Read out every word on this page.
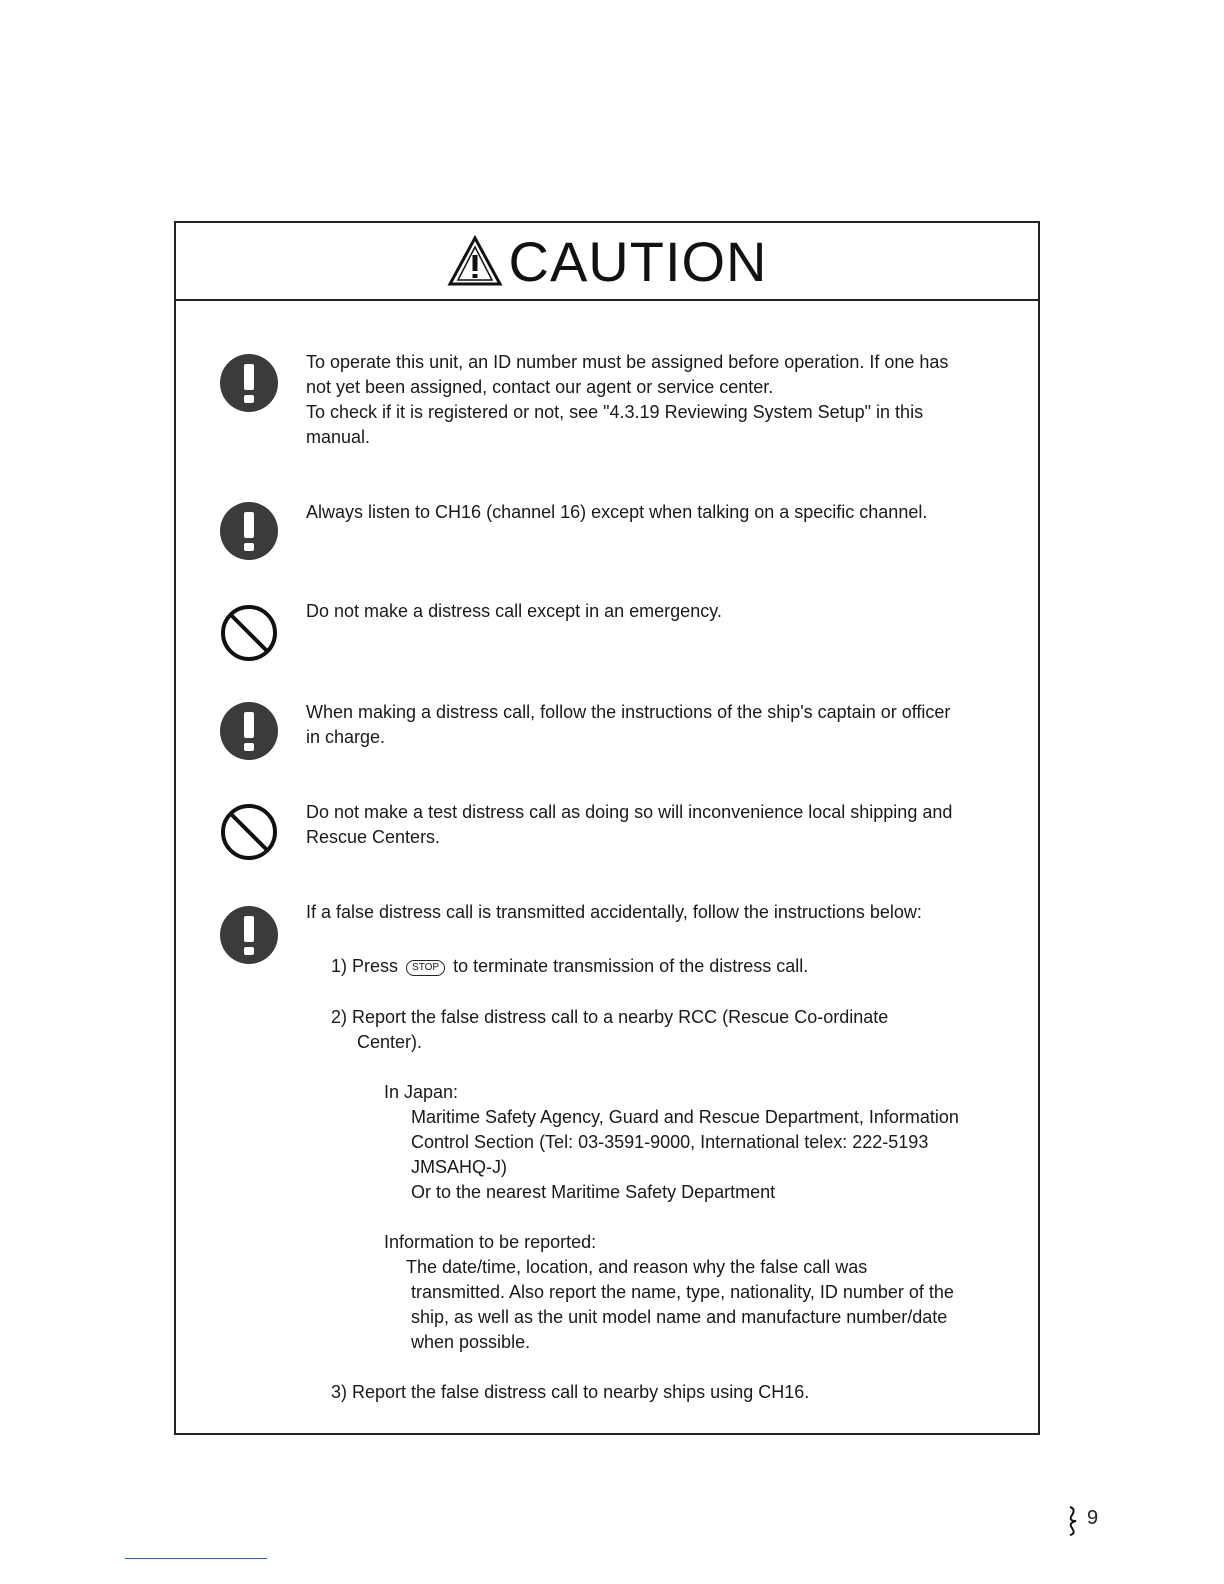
CAUTION

To operate this unit, an ID number must be assigned before operation. If one has

not yet been assigned, contact our agent or service center.

To check if it is registered or not, see "4.3.19 Reviewing System Setup" in this

manual.

Always listen to CH16 (channel 16) except when talking on a specific channel.

Do not make a distress call except in an emergency.

When making a distress call, follow the instructions of the ship's captain or officer

in charge.

Do not make a test distress call as doing so will inconvenience local shipping and

Rescue Centers.

If a false distress call is transmitted accidentally, follow the instructions below:

1) Press STOP to terminate transmission of the distress call.
2) Report the false distress call to a nearby RCC (Rescue Co-ordinate
Center).
In Japan:
Maritime Safety Agency, Guard and Rescue Department, Information
Control Section (Tel: 03-3591-9000, International telex: 222-5193
JMSAHQ-J)
Or to the nearest Maritime Safety Department
Information to be reported:
The date/time, location, and reason why the false call was
transmitted. Also report the name, type, nationality, ID number of the
ship, as well as the unit model name and manufacture number/date
when possible.
3) Report the false distress call to nearby ships using CH16.
9
